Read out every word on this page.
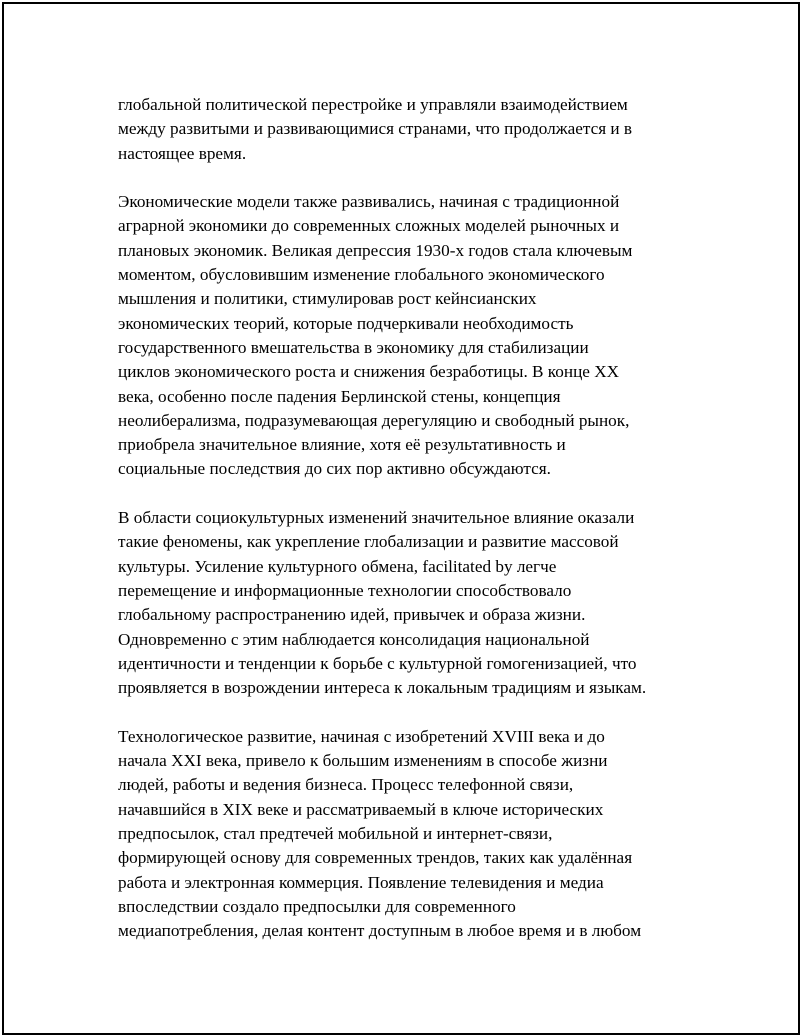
глобальной политической перестройке и управляли взаимодействием
между развитыми и развивающимися странами, что продолжается и в
настоящее время.

Экономические модели также развивались, начиная с традиционной
аграрной экономики до современных сложных моделей рыночных и
плановых экономик. Великая депрессия 1930-х годов стала ключевым
моментом, обусловившим изменение глобального экономического
мышления и политики, стимулировав рост кейнсианских
экономических теорий, которые подчеркивали необходимость
государственного вмешательства в экономику для стабилизации
циклов экономического роста и снижения безработицы. В конце XX
века, особенно после падения Берлинской стены, концепция
неолиберализма, подразумевающая дерегуляцию и свободный рынок,
приобрела значительное влияние, хотя её результативность и
социальные последствия до сих пор активно обсуждаются.

В области социокультурных изменений значительное влияние оказали
такие феномены, как укрепление глобализации и развитие массовой
культуры. Усиление культурного обмена, facilitated by легче
перемещение и информационные технологии способствовало
глобальному распространению идей, привычек и образа жизни.
Одновременно с этим наблюдается консолидация национальной
идентичности и тенденции к борьбе с культурной гомогенизацией, что
проявляется в возрождении интереса к локальным традициям и языкам.

Технологическое развитие, начиная с изобретений XVIII века и до
начала XXI века, привело к большим изменениям в способе жизни
людей, работы и ведения бизнеса. Процесс телефонной связи,
начавшийся в XIX веке и рассматриваемый в ключе исторических
предпосылок, стал предтечей мобильной и интернет-связи,
формирующей основу для современных трендов, таких как удалённая
работа и электронная коммерция. Появление телевидения и медиа
впоследствии создало предпосылки для современного
медиапотребления, делая контент доступным в любое время и в любом
